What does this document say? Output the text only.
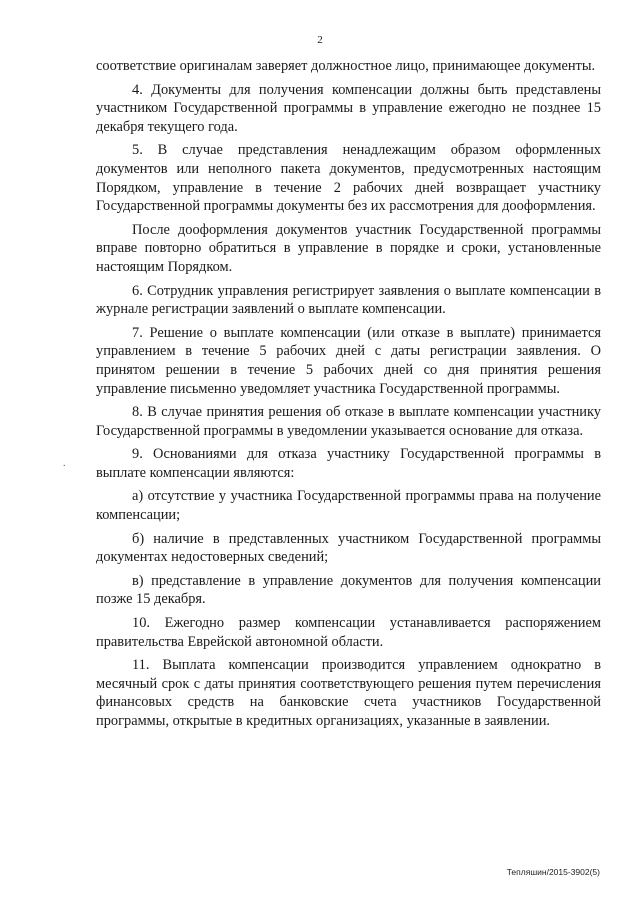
2
.

соответствие оригиналам заверяет должностное лицо, принимающее документы.

4. Документы для получения компенсации должны быть представлены участником Государственной программы в управление ежегодно не позднее 15 декабря текущего года.

5. В случае представления ненадлежащим образом оформленных документов или неполного пакета документов, предусмотренных настоящим Порядком, управление в течение 2 рабочих дней возвращает участнику Государственной программы документы без их рассмотрения для дооформления.

После дооформления документов участник Государственной программы вправе повторно обратиться в управление в порядке и сроки, установленные настоящим Порядком.

6. Сотрудник управления регистрирует заявления о выплате компенсации в журнале регистрации заявлений о выплате компенсации.

7. Решение о выплате компенсации (или отказе в выплате) принимается управлением в течение 5 рабочих дней с даты регистрации заявления. О принятом решении в течение 5 рабочих дней со дня принятия решения управление письменно уведомляет участника Государственной программы.

8. В случае принятия решения об отказе в выплате компенсации участнику Государственной программы в уведомлении указывается основание для отказа.

9. Основаниями для отказа участнику Государственной программы в выплате компенсации являются:

а) отсутствие у участника Государственной программы права на получение компенсации;

б) наличие в представленных участником Государственной программы документах недостоверных сведений;

в) представление в управление документов для получения компенсации позже 15 декабря.

10. Ежегодно размер компенсации устанавливается распоряжением правительства Еврейской автономной области.

11. Выплата компенсации производится управлением однократно в месячный срок с даты принятия соответствующего решения путем перечисления финансовых средств на банковские счета участников Государственной программы, открытые в кредитных организациях, указанные в заявлении.

Тепляшин/2015-3902(5)
